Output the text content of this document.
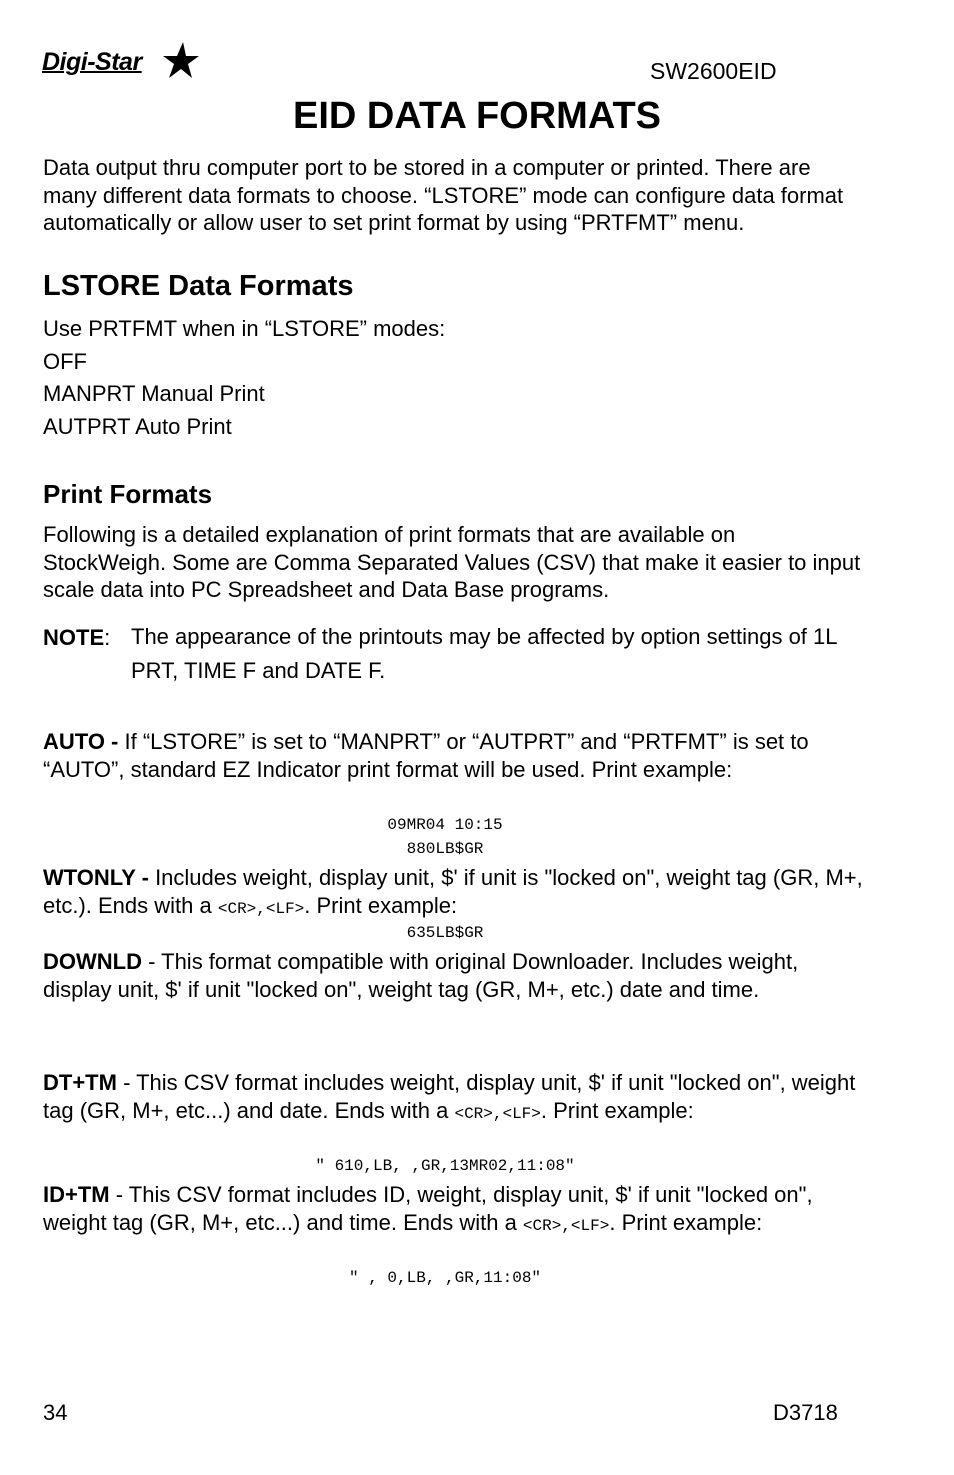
Digi-Star	SW2600EID
EID DATA FORMATS
Data output thru computer port to be stored in a computer or printed. There are many different data formats to choose. “LSTORE” mode can configure data format automatically or allow user to set print format by using “PRTFMT” menu.
LSTORE Data Formats
Use PRTFMT when in “LSTORE” modes:
OFF
MANPRT Manual Print
AUTPRT Auto Print
Print Formats
Following is a detailed explanation of print formats that are available on StockWeigh. Some are Comma Separated Values (CSV) that make it easier to input scale data into PC Spreadsheet and Data Base programs.
NOTE: The appearance of the printouts may be affected by option settings of 1L PRT, TIME F and DATE F.
AUTO - If “LSTORE” is set to “MANPRT” or “AUTPRT” and “PRTFMT” is set to “AUTO”, standard EZ Indicator print format will be used. Print example:
09MR04 10:15
880LB$GR
WTONLY - Includes weight, display unit, $' if unit is "locked on", weight tag (GR, M+, etc.). Ends with a <CR>,<LF>. Print example:
635LB$GR
DOWNLD - This format compatible with original Downloader. Includes weight, display unit, $' if unit "locked on", weight tag (GR, M+, etc.) date and time.
DT+TM - This CSV format includes weight, display unit, $' if unit "locked on", weight tag (GR, M+, etc...) and date. Ends with a <CR>,<LF>. Print example:
" 610,LB, ,GR,13MR02,11:08"
ID+TM - This CSV format includes ID, weight, display unit, $' if unit "locked on", weight tag (GR, M+, etc...) and time. Ends with a <CR>,<LF>. Print example:
" , 0,LB, ,GR,11:08"
34	D3718
